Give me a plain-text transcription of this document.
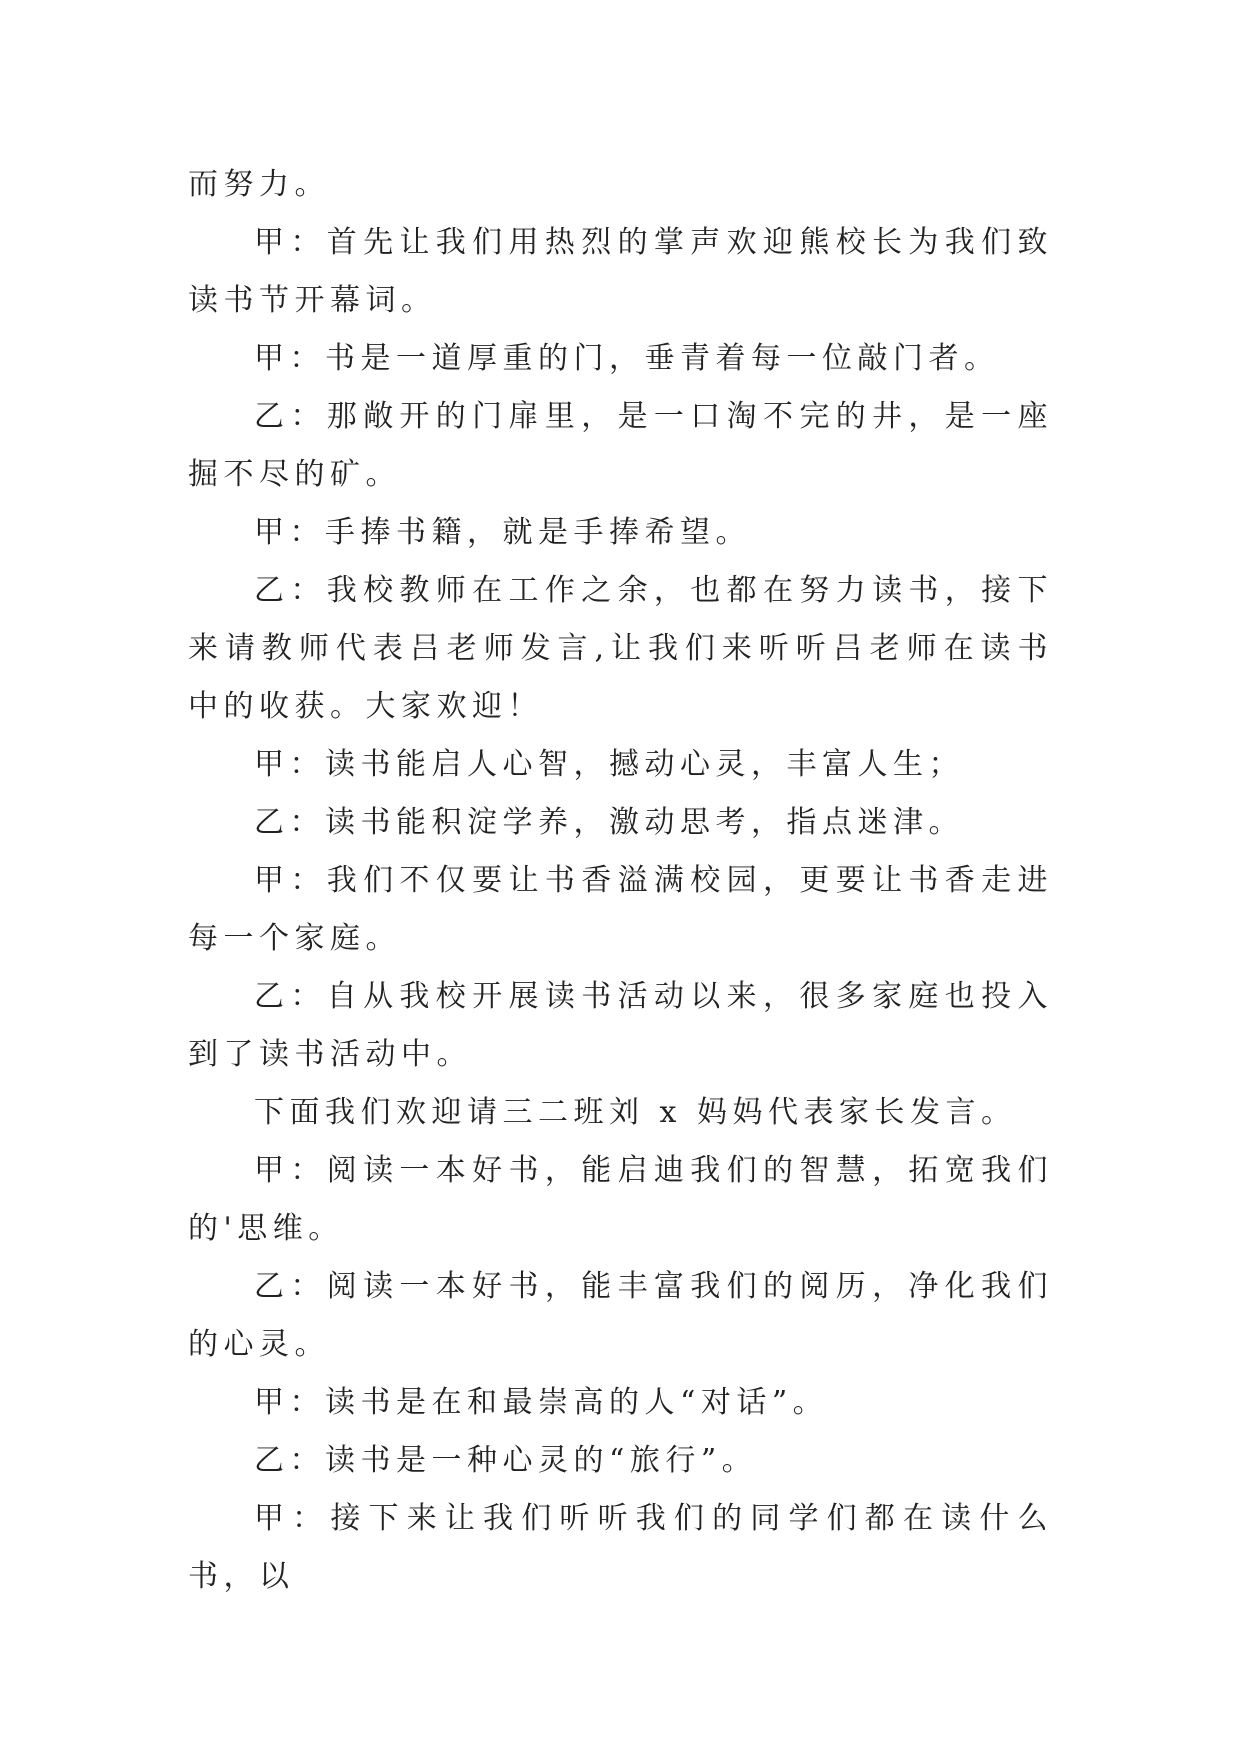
而努力。

甲：首先让我们用热烈的掌声欢迎熊校长为我们致读书节开幕词。

甲：书是一道厚重的门，垂青着每一位敲门者。

乙：那敞开的门扉里，是一口淘不完的井，是一座掘不尽的矿。

甲：手捧书籍，就是手捧希望。

乙：我校教师在工作之余，也都在努力读书，接下来请教师代表吕老师发言,让我们来听听吕老师在读书中的收获。大家欢迎！

甲：读书能启人心智，撼动心灵，丰富人生；

乙：读书能积淀学养，激动思考，指点迷津。

甲：我们不仅要让书香溢满校园，更要让书香走进每一个家庭。

乙：自从我校开展读书活动以来，很多家庭也投入到了读书活动中。

下面我们欢迎请三二班刘 x 妈妈代表家长发言。

甲：阅读一本好书，能启迪我们的智慧，拓宽我们的'思维。

乙：阅读一本好书，能丰富我们的阅历，净化我们的心灵。

甲：读书是在和最崇高的人“对话”。

乙：读书是一种心灵的“旅行”。

甲：接下来让我们听听我们的同学们都在读什么书，以
